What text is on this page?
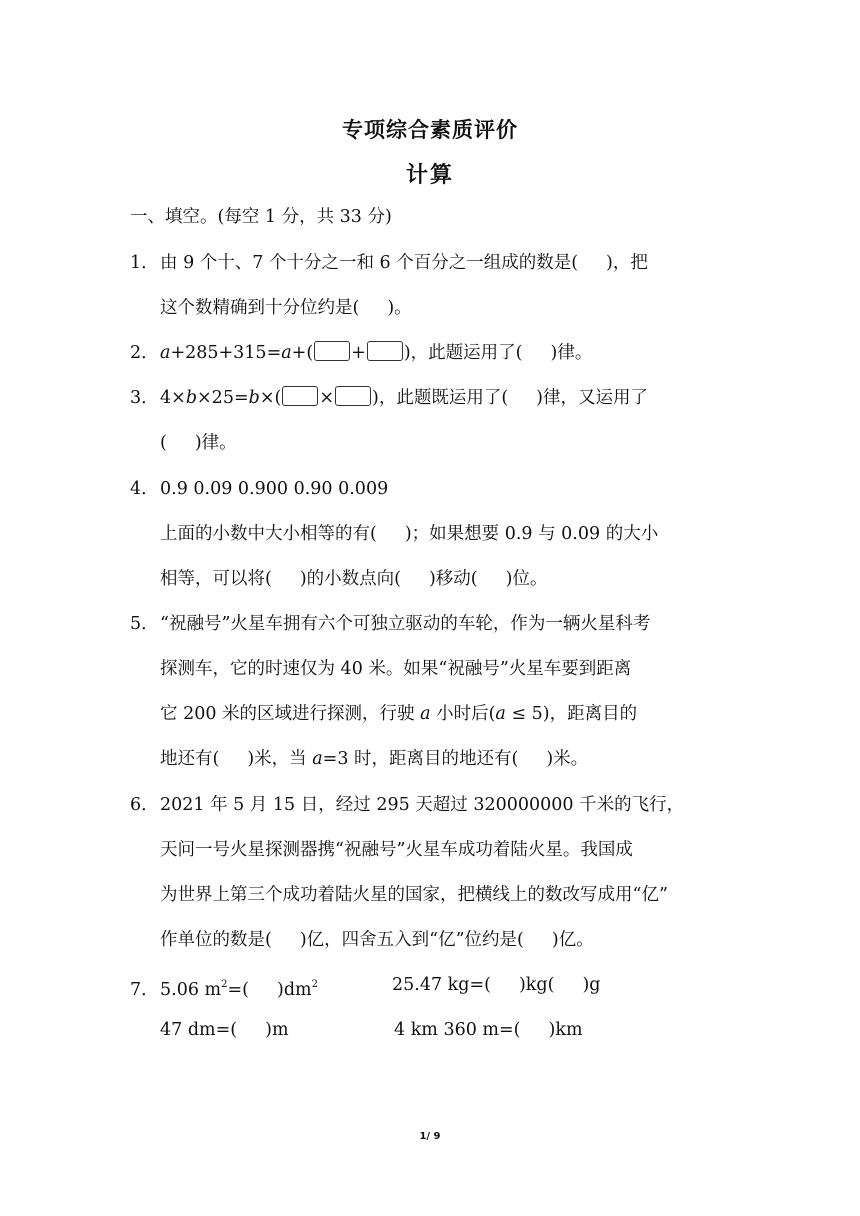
专项综合素质评价
计算
一、填空。(每空 1 分，共 33 分)
1．由 9 个十、7 个十分之一和 6 个百分之一组成的数是( )，把
这个数精确到十分位约是( )。
2．a+285+315=a+( + )，此题运用了( )律。
3．4×b×25=b×( × )，此题既运用了( )律，又运用了
( )律。
4．0.9 0.09 0.900 0.90 0.009
上面的小数中大小相等的有( )；如果想要 0.9 与 0.09 的大小
相等，可以将( )的小数点向( )移动( )位。
5．“祝融号”火星车拥有六个可独立驱动的车轮，作为一辆火星科考
探测车，它的时速仅为 40 米。如果“祝融号”火星车要到距离
它 200 米的区域进行探测，行驶 a 小时后(a ≤ 5)，距离目的
地还有( )米，当 a=3 时，距离目的地还有( )米。
6．2021 年 5 月 15 日，经过 295 天超过 320000000 千米的飞行，
天问一号火星探测器携“祝融号”火星车成功着陆火星。我国成
为世界上第三个成功着陆火星的国家，把横线上的数改写成用“亿”
作单位的数是( )亿，四舍五入到“亿”位约是( )亿。
7．5.06 $m^2=$( )$dm^2$	25.47 kg=( )kg( )g
47 dm=( )m	4 km 360 m=( )km
1/ 9
